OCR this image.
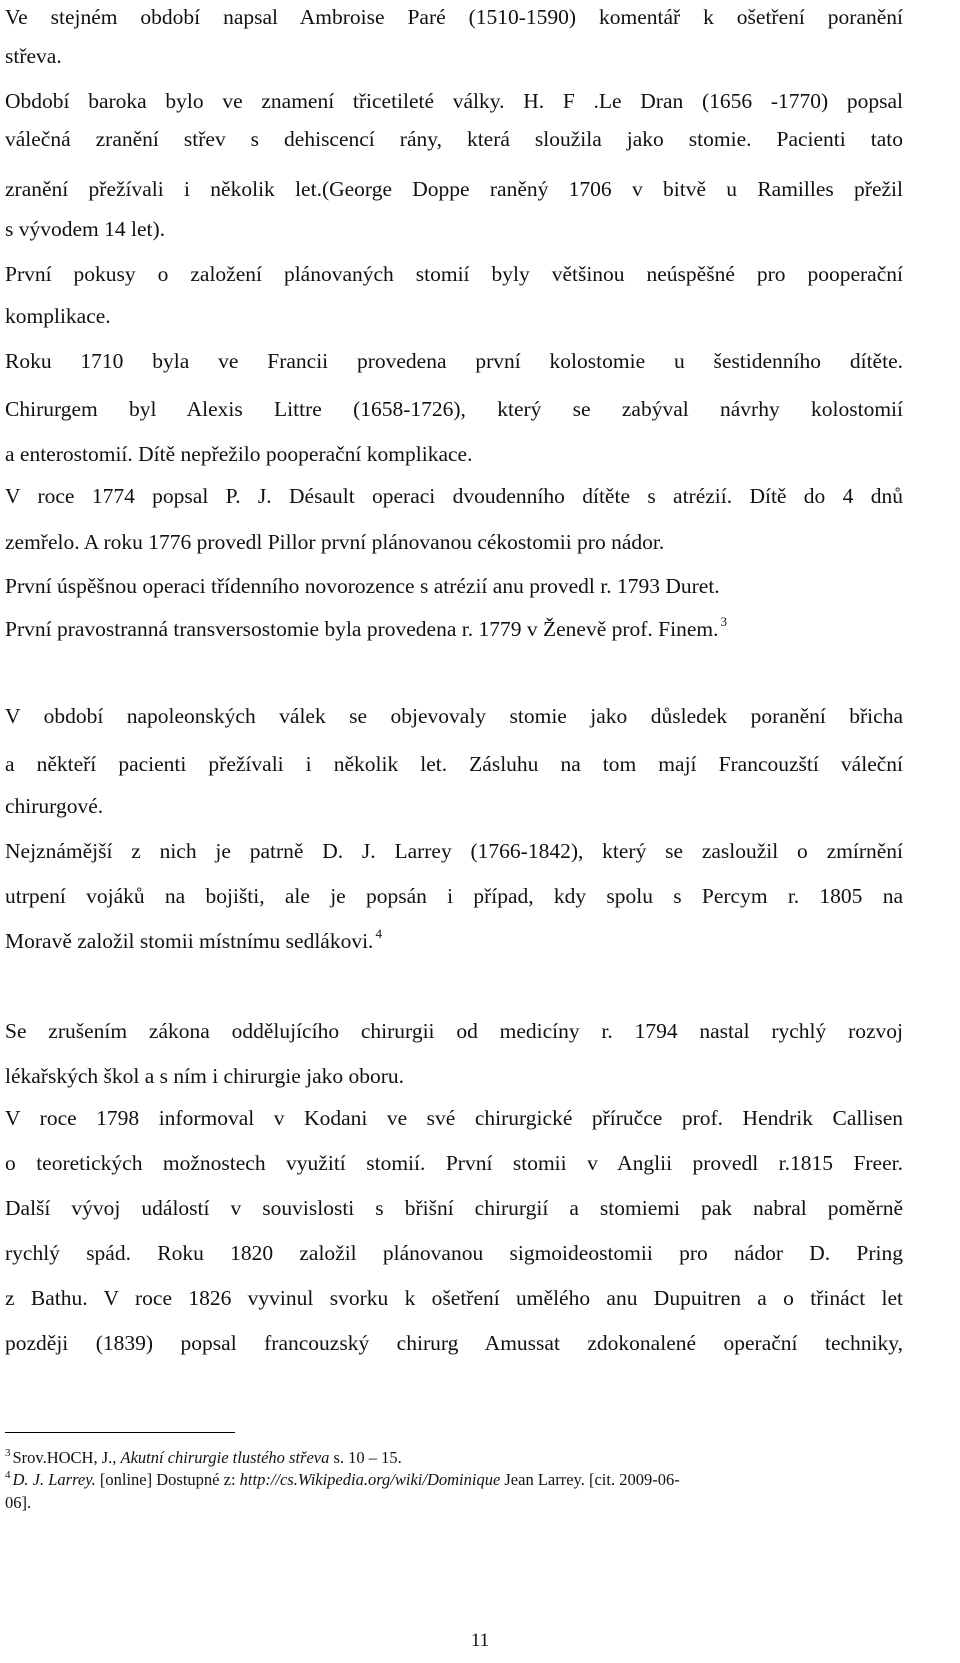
Ve stejném období napsal Ambroise Paré (1510-1590) komentář k ošetření poranění

střeva.

Období baroka bylo ve znamení třicetileté války. H. F .Le Dran (1656 -1770) popsal

válečná zranění střev s dehiscencí rány, která sloužila jako stomie. Pacienti tato

zranění přežívali i několik let.(George Doppe raněný 1706 v bitvě u Ramilles přežil

s vývodem 14 let).

První pokusy o založení plánovaných stomií byly většinou neúspěšné pro pooperační

komplikace.

Roku 1710 byla ve Francii provedena první kolostomie u šestidenního dítěte.

Chirurgem byl Alexis Littre (1658-1726), který se zabýval návrhy kolostomií

a enterostomií. Dítě nepřežilo pooperační komplikace.

V roce 1774 popsal P. J. Désault operaci dvoudenního dítěte s atrézií. Dítě do 4 dnů

zemřelo. A roku 1776 provedl Pillor první plánovanou cékostomii pro nádor.

První úspěšnou operaci třídenního novorozence s atrézií anu provedl r. 1793 Duret.

První pravostranná transversostomie byla provedena r. 1779 v Ženevě prof. Finem. $^3$

V období napoleonských válek se objevovaly stomie jako důsledek poranění břicha

a někteří pacienti přežívali i několik let. Zásluhu na tom mají Francouzští váleční

chirurgové.

Nejznámější z nich je patrně D. J. Larrey (1766-1842), který se zasloužil o zmírnění

utrpení vojáků na bojišti, ale je popsán i případ, kdy spolu s Percym r. 1805 na

Moravě založil stomii místnímu sedlákovi. $^4$

Se zrušením zákona oddělujícího chirurgii od medicíny r. 1794 nastal rychlý rozvoj

lékařských škol a s ním i chirurgie jako oboru.

V roce 1798 informoval v Kodani ve své chirurgické příručce prof. Hendrik Callisen

o teoretických možnostech využití stomií. První stomii v Anglii provedl r.1815 Freer.

Další vývoj událostí v souvislosti s břišní chirurgií a stomiemi pak nabral poměrně

rychlý spád. Roku 1820 založil plánovanou sigmoideostomii pro nádor D. Pring

z Bathu. V roce 1826 vyvinul svorku k ošetření umělého anu Dupuitren a o třináct let

později (1839) popsal francouzský chirurg Amussat zdokonalené operační techniky,

$^3$ Srov.HOCH, J., Akutní chirurgie tlustého střeva s. 10 – 15.
$^4$ D. J. Larrey. [online] Dostupné z: http://cs.Wikipedia.org/wiki/Dominique Jean Larrey. [cit. 2009-06-
06].
11
